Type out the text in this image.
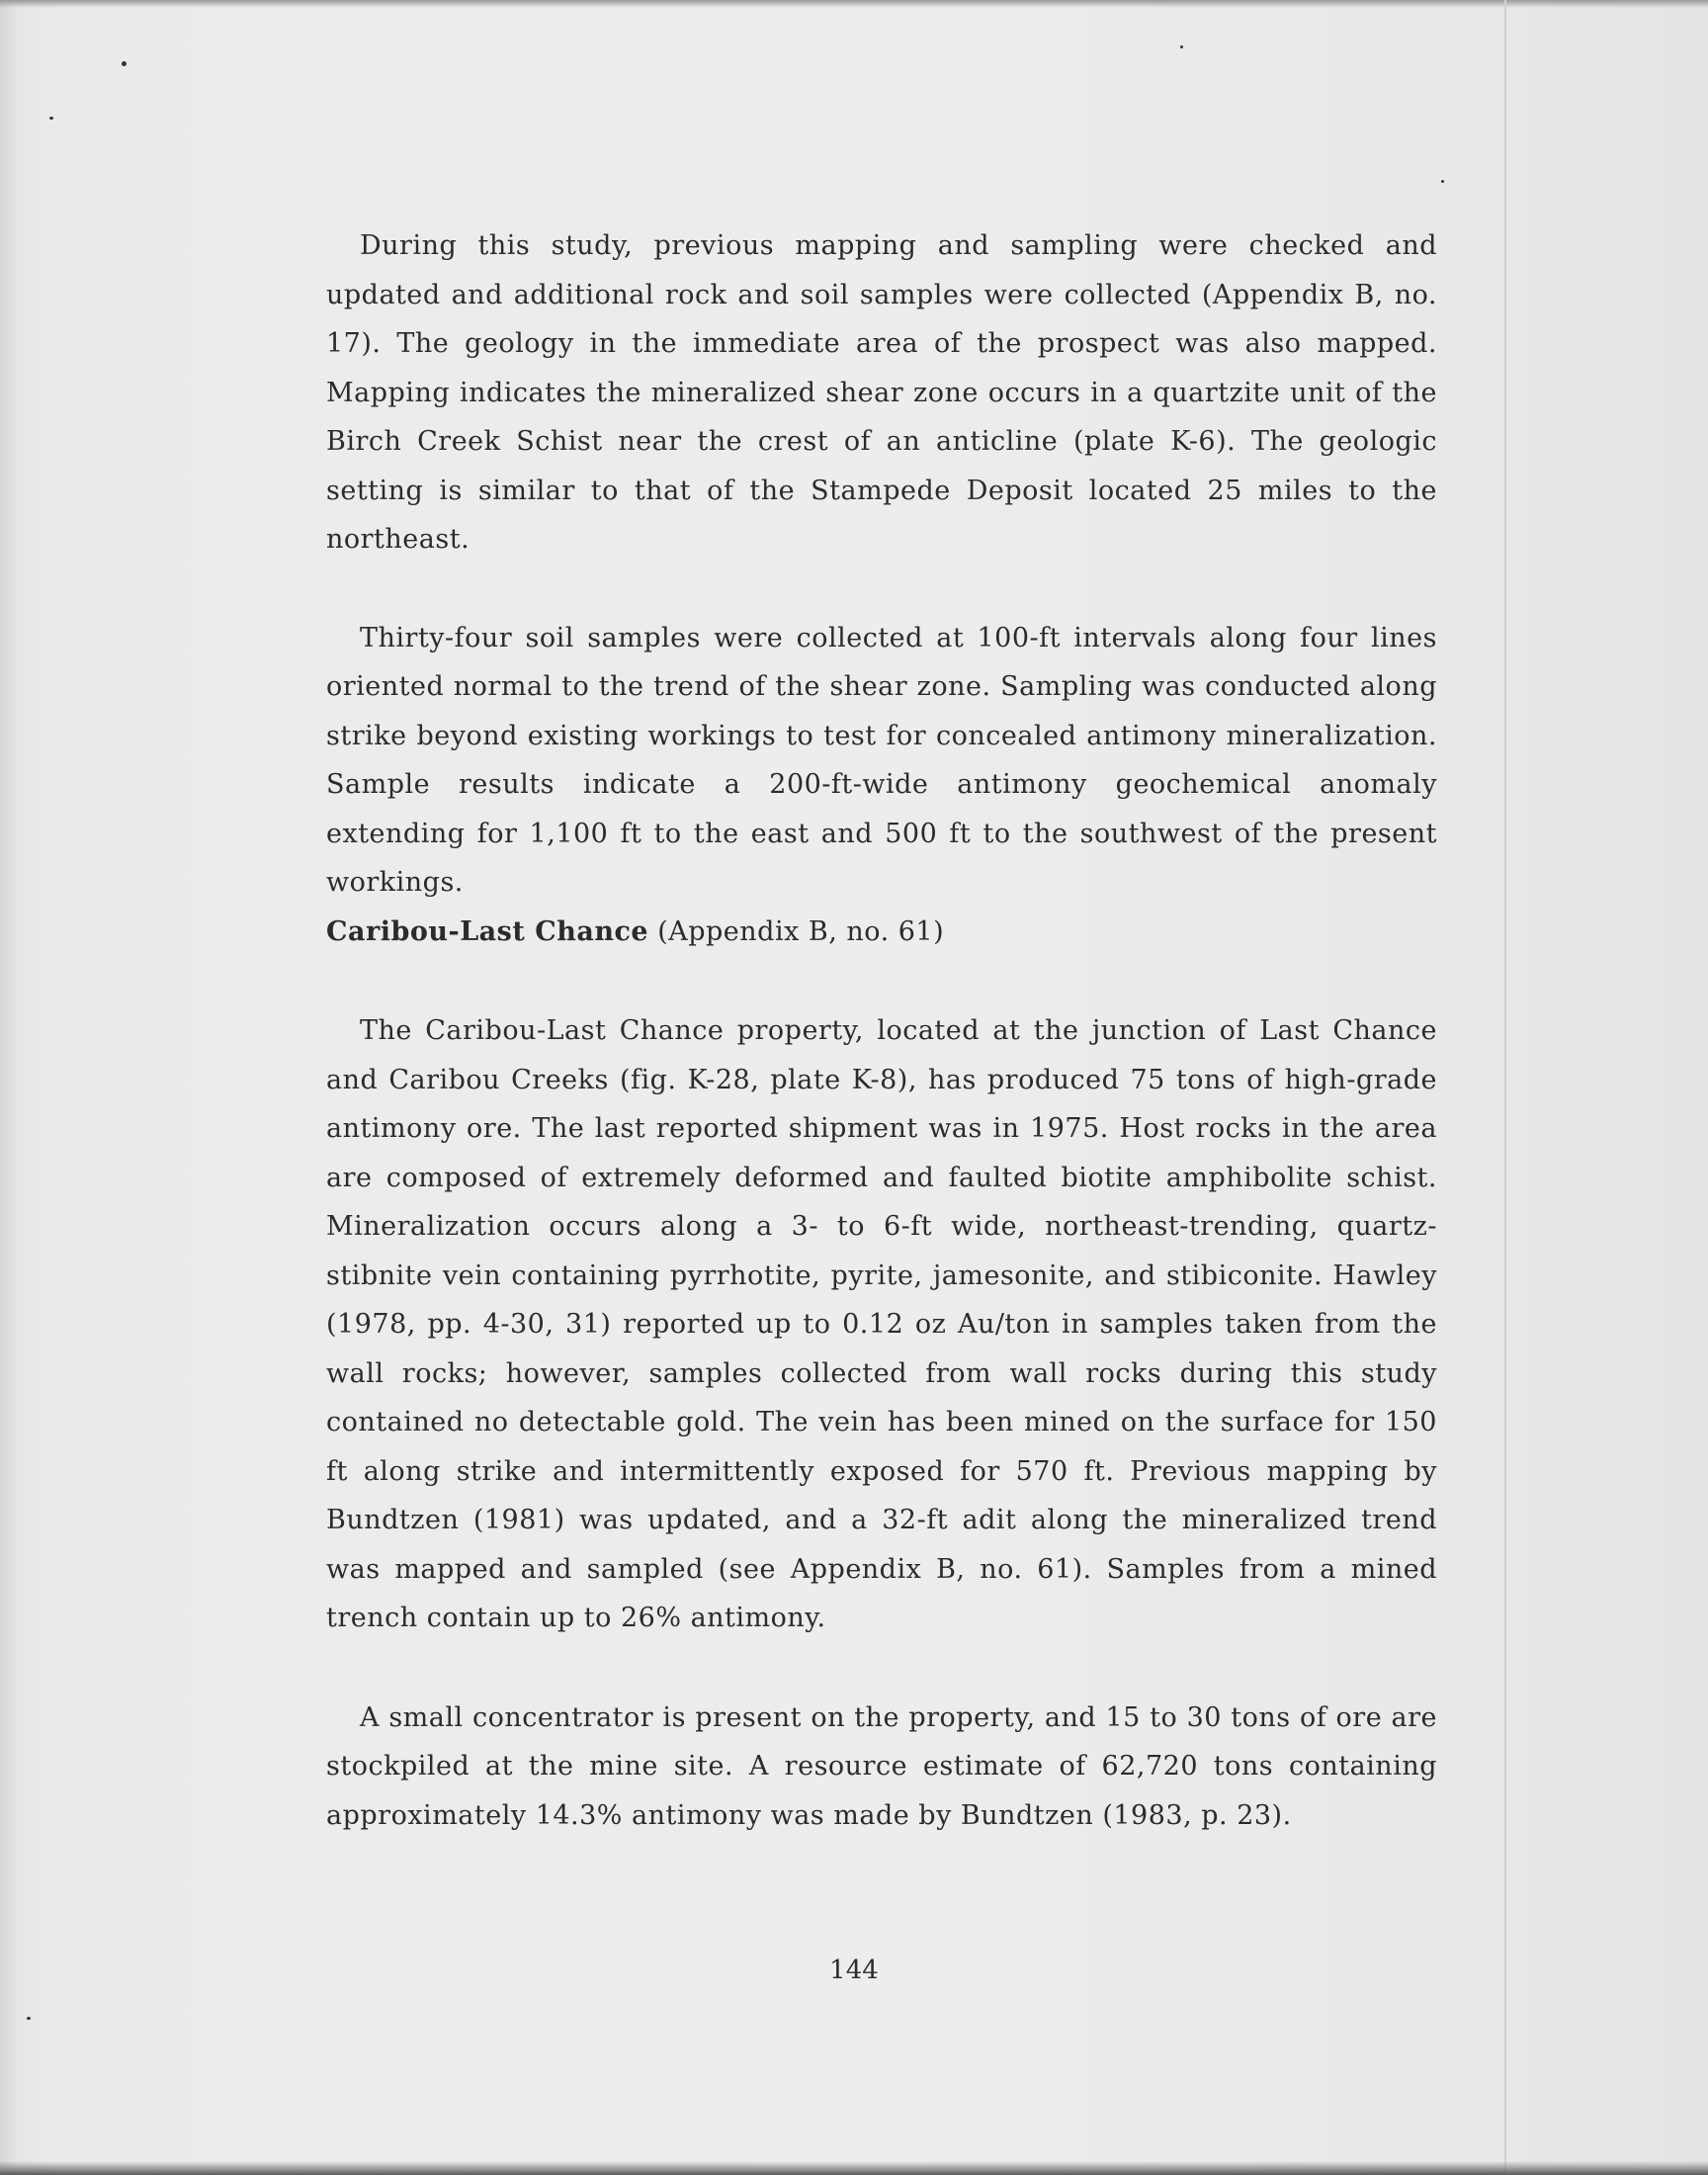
During this study, previous mapping and sampling were checked and updated and additional rock and soil samples were collected (Appendix B, no. 17). The geology in the immediate area of the prospect was also mapped. Mapping indicates the mineralized shear zone occurs in a quartzite unit of the Birch Creek Schist near the crest of an anticline (plate K-6). The geologic setting is similar to that of the Stampede Deposit located 25 miles to the northeast.

Thirty-four soil samples were collected at 100-ft intervals along four lines oriented normal to the trend of the shear zone. Sampling was conducted along strike beyond existing workings to test for concealed antimony mineralization. Sample results indicate a 200-ft-wide antimony geochemical anomaly extending for 1,100 ft to the east and 500 ft to the southwest of the present workings.

Caribou-Last Chance (Appendix B, no. 61)

The Caribou-Last Chance property, located at the junction of Last Chance and Caribou Creeks (fig. K-28, plate K-8), has produced 75 tons of high-grade antimony ore. The last reported shipment was in 1975. Host rocks in the area are composed of extremely deformed and faulted biotite amphibolite schist. Mineralization occurs along a 3- to 6-ft wide, northeast-trending, quartz-stibnite vein containing pyrrhotite, pyrite, jamesonite, and stibiconite. Hawley (1978, pp. 4-30, 31) reported up to 0.12 oz Au/ton in samples taken from the wall rocks; however, samples collected from wall rocks during this study contained no detectable gold. The vein has been mined on the surface for 150 ft along strike and intermittently exposed for 570 ft. Previous mapping by Bundtzen (1981) was updated, and a 32-ft adit along the mineralized trend was mapped and sampled (see Appendix B, no. 61). Samples from a mined trench contain up to 26% antimony.

A small concentrator is present on the property, and 15 to 30 tons of ore are stockpiled at the mine site. A resource estimate of 62,720 tons containing approximately 14.3% antimony was made by Bundtzen (1983, p. 23).

144
